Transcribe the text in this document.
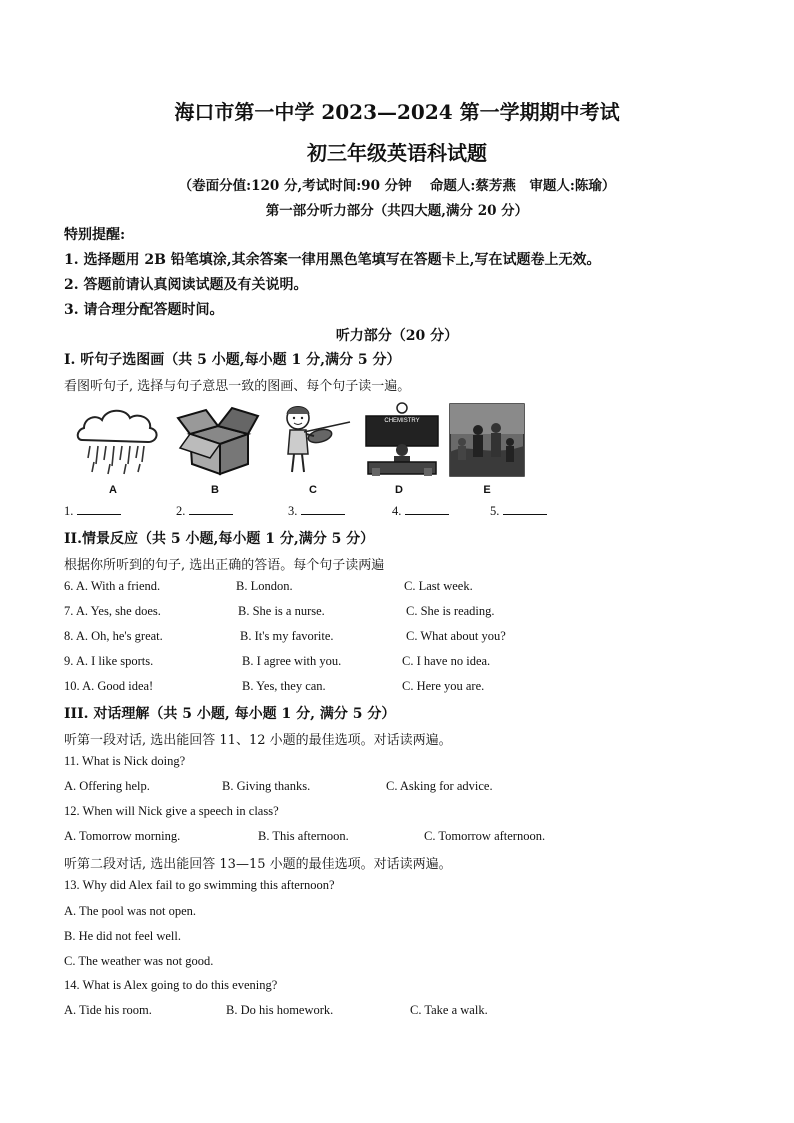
海口市第一中学 2023—2024 第一学期期中考试
初三年级英语科试题
（卷面分值:120 分,考试时间:90 分钟　 命题人:蔡芳燕　审题人:陈瑜）
第一部分听力部分（共四大题,满分 20 分）
特别提醒:
1. 选择题用 2B 铅笔填涂,其余答案一律用黑色笔填写在答题卡上,写在试题卷上无效。
2. 答题前请认真阅读试题及有关说明。
3. 请合理分配答题时间。
听力部分（20 分）
I. 听句子选图画（共 5 小题,每小题 1 分,满分 5 分）
看图听句子, 选择与句子意思一致的图画、每个句子读一遍。
A	B	C
CHEMISTRY
D	E
1.	2.	3.	4.	5.
II.情景反应（共 5 小题,每小题 1 分,满分 5 分）
根据你所听到的句子, 选出正确的答语。每个句子读两遍
6. A. With a friend.	B. London.	C. Last week.
7. A. Yes, she does.	B. She is a nurse.	C. She is reading.
8. A. Oh, he's great.	B. It's my favorite.	C. What about you?
9. A. I like sports.	B. I agree with you.	C. I have no idea.
10. A. Good idea!	B. Yes, they can.	C. Here you are.
III. 对话理解（共 5 小题, 每小题 1 分, 满分 5 分）
听第一段对话, 选出能回答 11、12 小题的最佳选项。对话读两遍。
11. What is Nick doing?
A. Offering help.	B. Giving thanks.	C. Asking for advice.
12. When will Nick give a speech in class?
A. Tomorrow morning.	B. This afternoon.	C. Tomorrow afternoon.
听第二段对话, 选出能回答 13—15 小题的最佳选项。对话读两遍。
13. Why did Alex fail to go swimming this afternoon?
A. The pool was not open.
B. He did not feel well.
C. The weather was not good.
14. What is Alex going to do this evening?
A. Tide his room.	B. Do his homework.	C. Take a walk.
